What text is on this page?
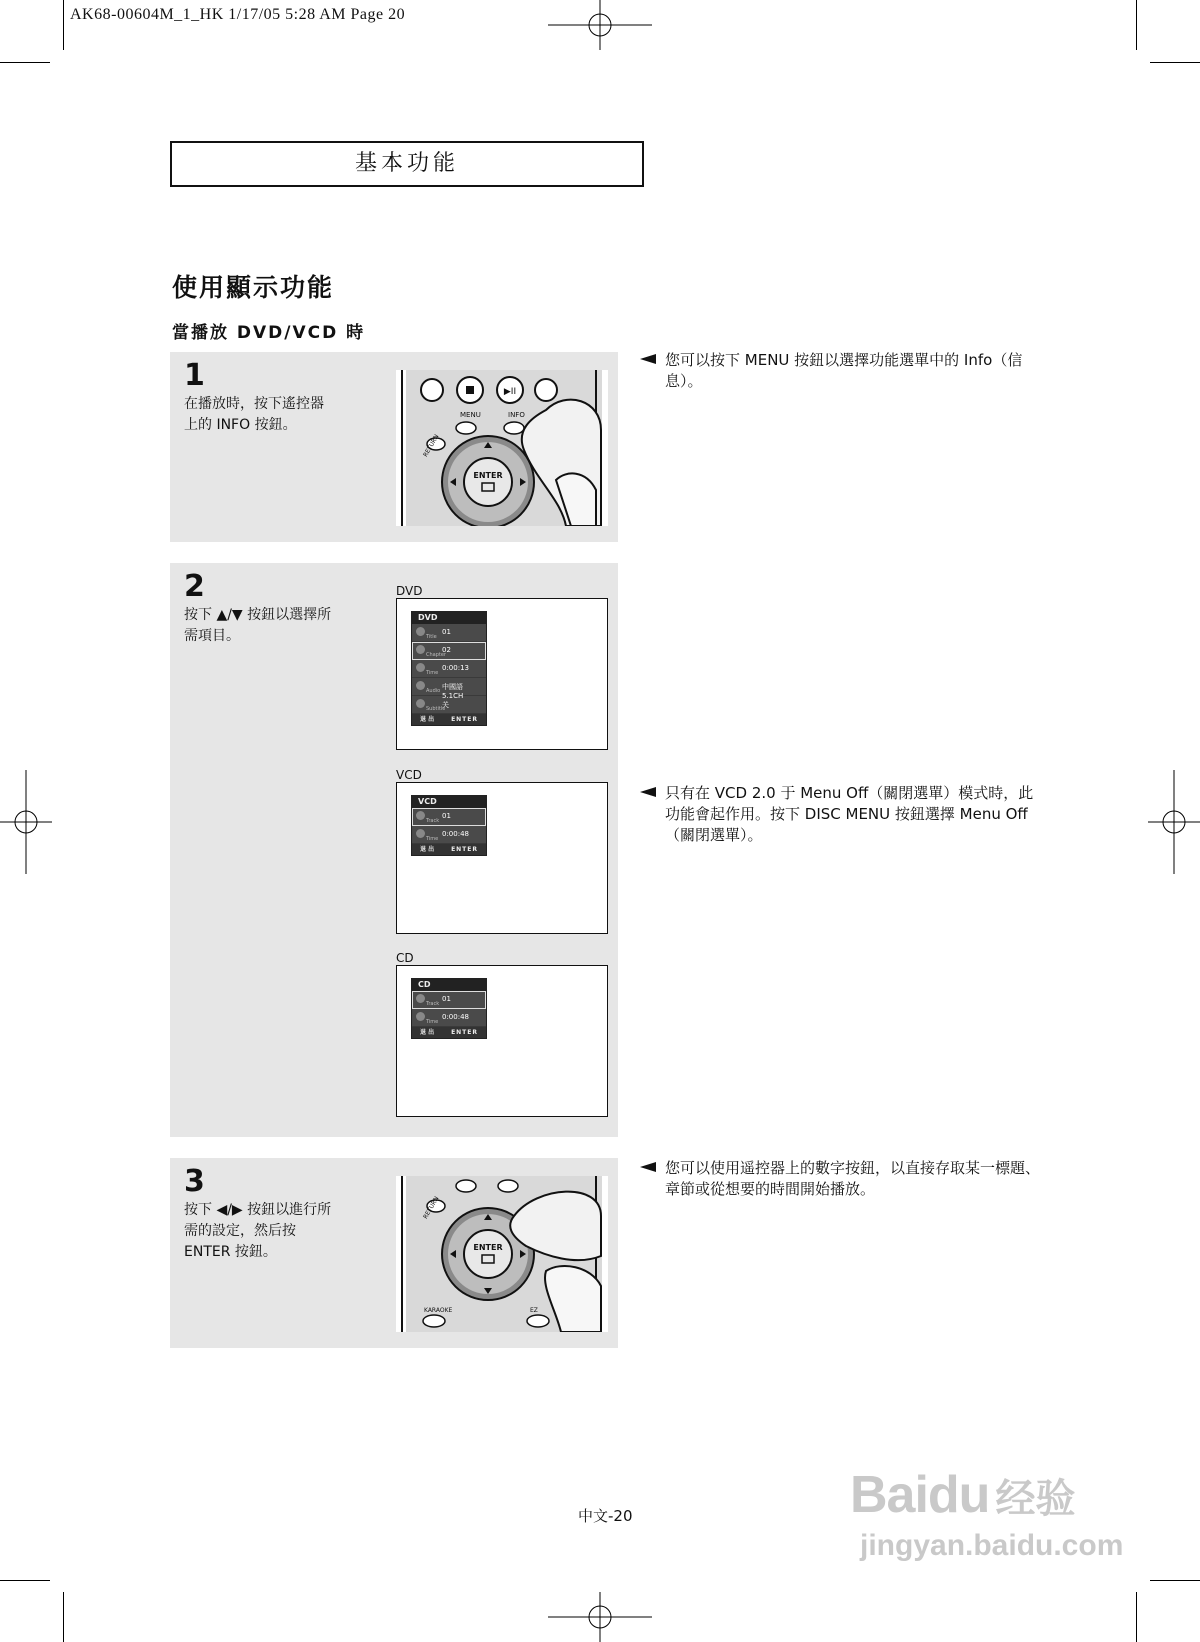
AK68-00604M_1_HK 1/17/05 5:28 AM Page 20
基本功能
使用顯示功能
當播放 DVD/VCD 時
1
在播放時，按下遙控器
上的 INFO 按鈕。
▶II
MENU	INFO
RETURN
ENTER
2
按下 ▲/▼ 按鈕以選擇所
需項目。
DVD
DVD
Title
01
Chapter
02
Time
0:00:13
Audio 中國語 5.1CH
Subtitle
关
退 出	ENTER
VCD
VCD
Track
01
Time
0:00:48
退 出	ENTER
CD
CD
Track
01
Time
0:00:48
退 出	ENTER
3
按下 ◀/▶ 按鈕以進行所
需的設定，然后按
ENTER 按鈕。
RETURN
ENTER
KARAOKE	EZ
您可以按下 MENU 按鈕以選擇功能選單中的 Info（信息）。
只有在 VCD 2.0 于 Menu Off（關閉選單）模式時，此功能會起作用。按下 DISC MENU 按鈕選擇 Menu Off（關閉選單）。
您可以使用遥控器上的數字按鈕，以直接存取某一標題、章節或從想要的時間開始播放。
中文-20	Baidu 经验
jingyan.baidu.com
